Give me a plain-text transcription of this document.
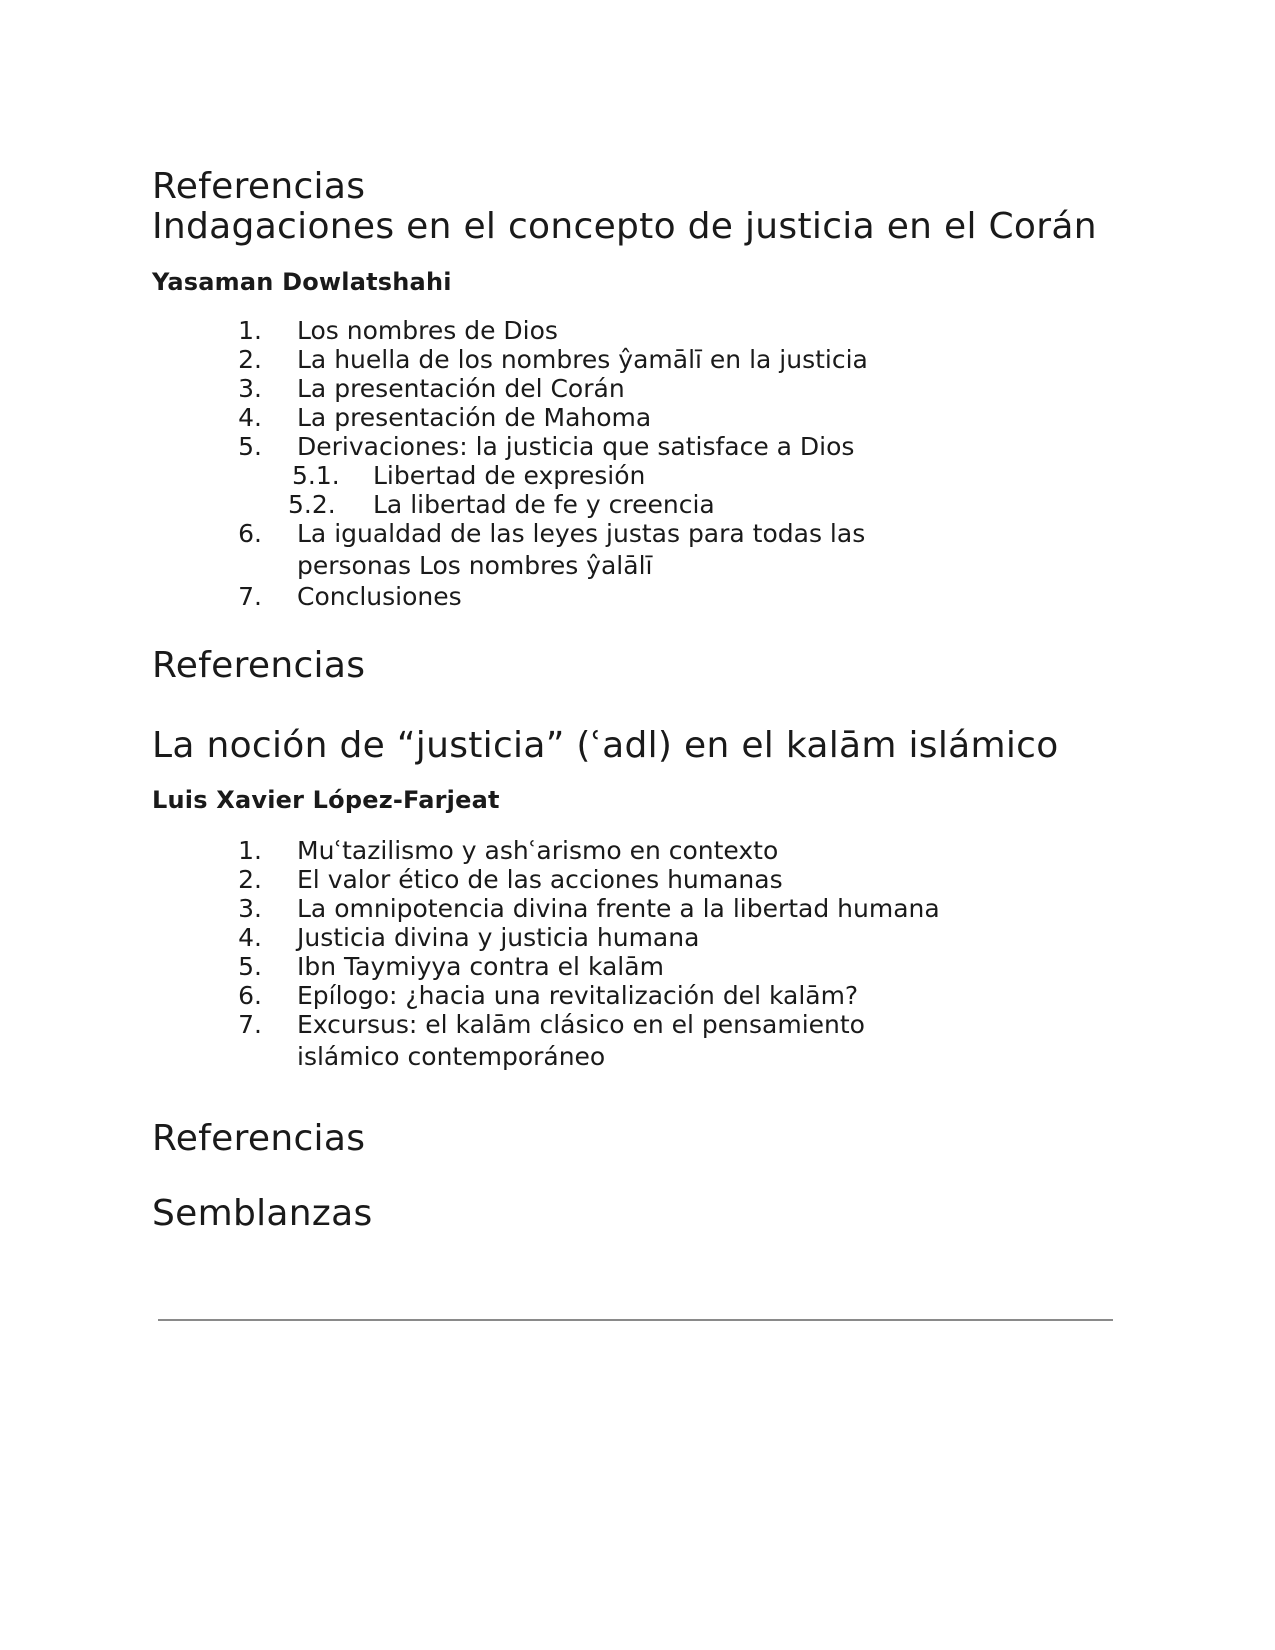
Referencias
Indagaciones en el concepto de justicia en el Corán
Yasaman Dowlatshahi
1. Los nombres de Dios
2. La huella de los nombres ŷamālī en la justicia
3. La presentación del Corán
4. La presentación de Mahoma
5. Derivaciones: la justicia que satisface a Dios
5.1. Libertad de expresión
5.2. La libertad de fe y creencia
6. La igualdad de las leyes justas para todas las
personas Los nombres ŷalālī
7. Conclusiones
Referencias
La noción de “justicia” (ʿadl) en el kalām islámico
Luis Xavier López-Farjeat
1. Muʿtazilismo y ashʿarismo en contexto
2. El valor ético de las acciones humanas
3. La omnipotencia divina frente a la libertad humana
4. Justicia divina y justicia humana
5. Ibn Taymiyya contra el kalām
6. Epílogo: ¿hacia una revitalización del kalām?
7. Excursus: el kalām clásico en el pensamiento
islámico contemporáneo
Referencias
Semblanzas
